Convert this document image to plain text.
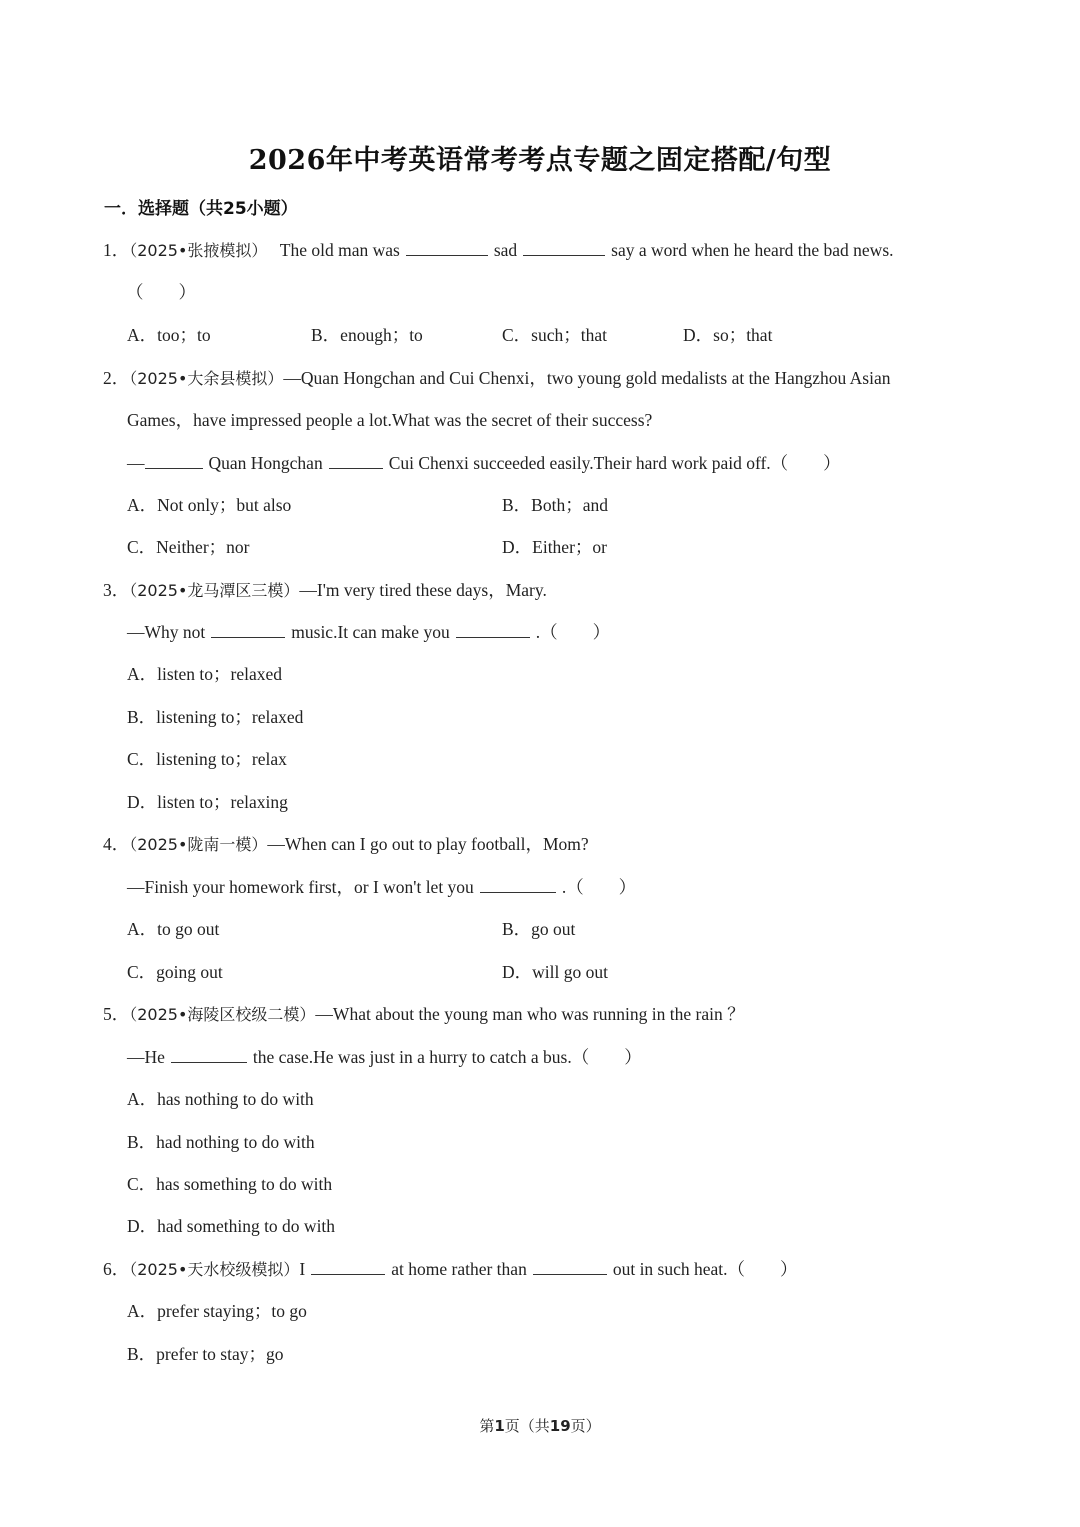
2026年中考英语常考考点专题之固定搭配/句型
一．选择题（共25小题）
1．（2025•张掖模拟） The old man was	sad	say a word when he heard the bad news.
（　　）
A．too；to	B．enough；to	C．such；that	D．so；that
2．（2025•大余县模拟）—Quan Hongchan and Cui Chenxi，two young gold medalists at the Hangzhou Asian
Games，have impressed people a lot.What was the secret of their success?
—	Quan Hongchan	Cui Chenxi succeeded easily.Their hard work paid off.（　　）
A．Not only；but also	B．Both；and
C．Neither；nor	D．Either；or
3．（2025•龙马潭区三模）—I'm very tired these days，Mary.
—Why not	music.It can make you	.（　　）
A．listen to；relaxed
B．listening to；relaxed
C．listening to；relax
D．listen to；relaxing
4．（2025•陇南一模）—When can I go out to play football，Mom?
—Finish your homework first，or I won't let you	.（　　）
A．to go out	B．go out
C．going out	D．will go out
5．（2025•海陵区校级二模）—What about the young man who was running in the rain ？
—He	the case.He was just in a hurry to catch a bus.（　　）
A．has nothing to do with
B．had nothing to do with
C．has something to do with
D．had something to do with
6．（2025•天水校级模拟）I	at home rather than	out in such heat.（　　）
A．prefer staying；to go
B．prefer to stay；go
第1页（共19页）
